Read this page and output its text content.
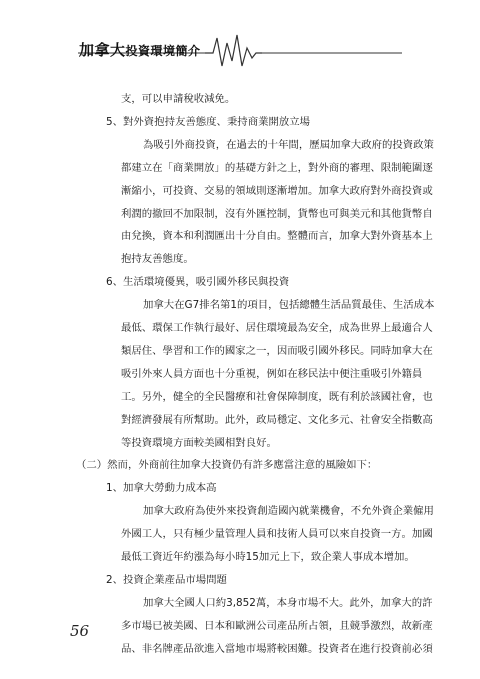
加拿大投資環境簡介
支，可以申請稅收減免。
5、對外資抱持友善態度、秉持商業開放立場
為吸引外商投資，在過去的十年間，歷屆加拿大政府的投資政策
都建立在「商業開放」的基礎方針之上，對外商的審理、限制範圍逐
漸縮小，可投資、交易的領域則逐漸增加。加拿大政府對外商投資或
利潤的撤回不加限制，沒有外匯控制，貨幣也可與美元和其他貨幣自
由兌換，資本和利潤匯出十分自由。整體而言，加拿大對外資基本上
抱持友善態度。
6、生活環境優異，吸引國外移民與投資
加拿大在G7排名第1的項目，包括總體生活品質最佳、生活成本
最低、環保工作執行最好、居住環境最為安全，成為世界上最適合人
類居住、學習和工作的國家之一，因而吸引國外移民。同時加拿大在
吸引外來人員方面也十分重視，例如在移民法中便注重吸引外籍員
工。另外，健全的全民醫療和社會保障制度，既有利於該國社會，也
對經濟發展有所幫助。此外，政局穩定、文化多元、社會安全指數高
等投資環境方面較美國相對良好。
（二）然而，外商前往加拿大投資仍有許多應當注意的風險如下：
1、加拿大勞動力成本高
加拿大政府為使外來投資創造國內就業機會，不允外資企業僱用
外國工人，只有極少量管理人員和技術人員可以來自投資一方。加國
最低工資近年約漲為每小時15加元上下，致企業人事成本增加。
2、投資企業產品市場問題
加拿大全國人口約3,852萬，本身市場不大。此外，加拿大的許
多市場已被美國、日本和歐洲公司產品所占領，且競爭激烈，故新產
品、非名牌產品欲進入當地市場將較困難。投資者在進行投資前必須
56
